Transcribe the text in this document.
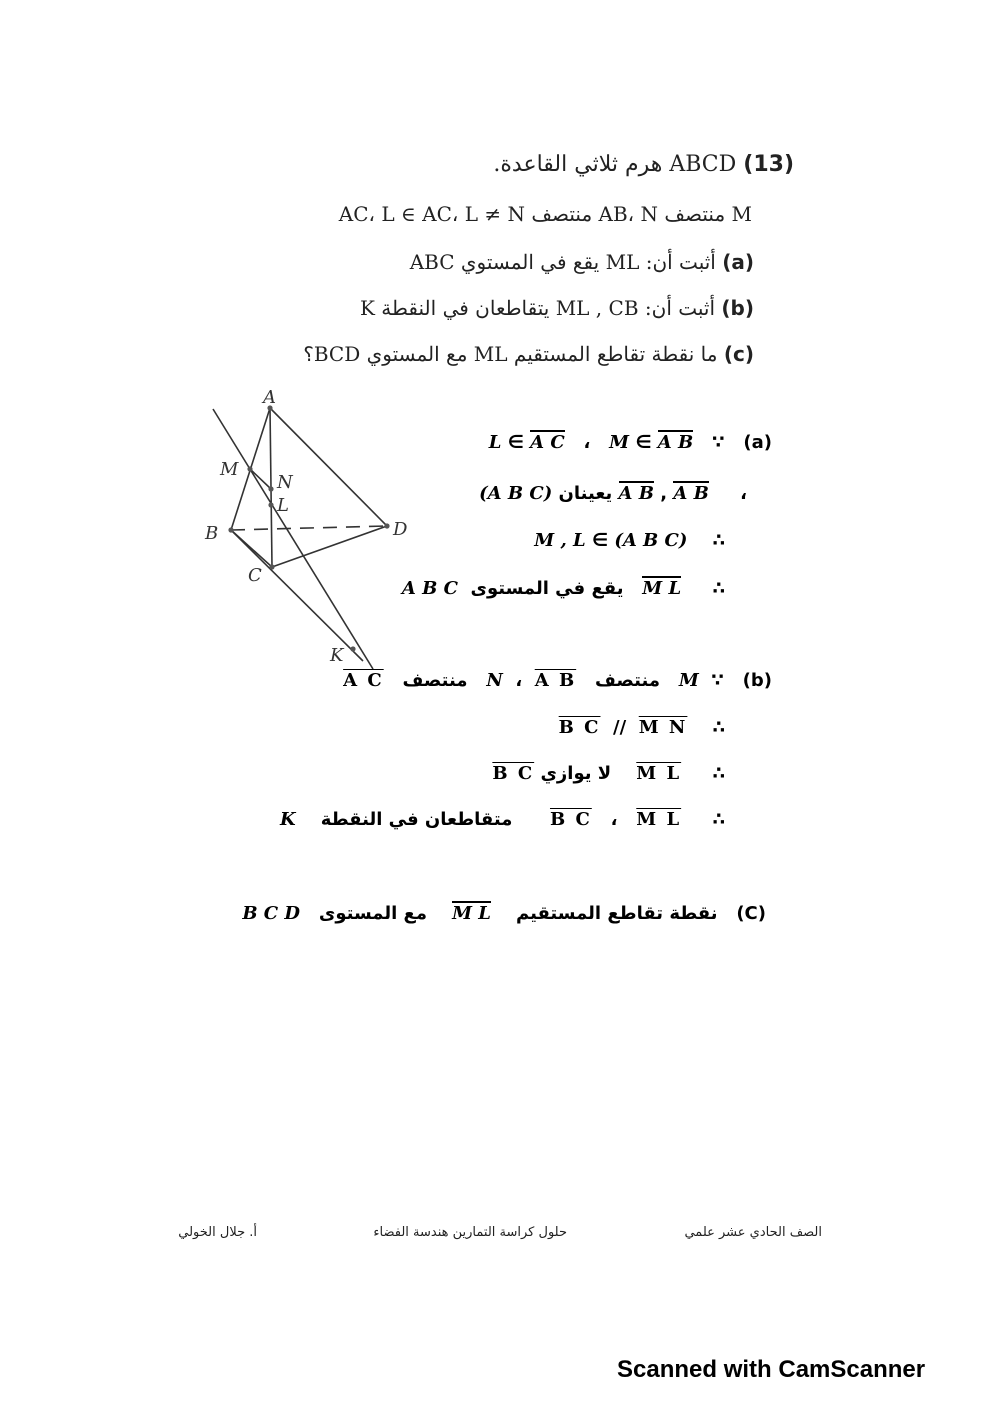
(13) ABCD هرم ثلاثي القاعدة.
M منتصف AB، N منتصف AC، L ∈ AC، L ≠ N
(a) أثبت أن: ML يقع في المستوي ABC
(b) أثبت أن: ML , CB يتقاطعان في النقطة K
(c) ما نقطة تقاطع المستقيم ML مع المستوي BCD؟
A
M
N
L
B	D
C
K
(a)   ∵   M ∈ A B   ،   L ∈ A C
،     A B , A B يعينان (A B C)
∴    M , L ∈ (A B C)
∴     M L   يقع في المستوى  A B C
(b)   ∵  M   منتصف   A B  ،  N   منتصف   A C
∴    B C // M N
∴     M L    لا يوازي B C
∴     M L   ،   B C      متقاطعان في النقطة    K
(C)   نقطة تقاطع المستقيم    M L    مع المستوى   B C D
الصف الحادي عشر علمي
حلول كراسة التمارين هندسة الفضاء
أ. جلال الخولي
Scanned with CamScanner
